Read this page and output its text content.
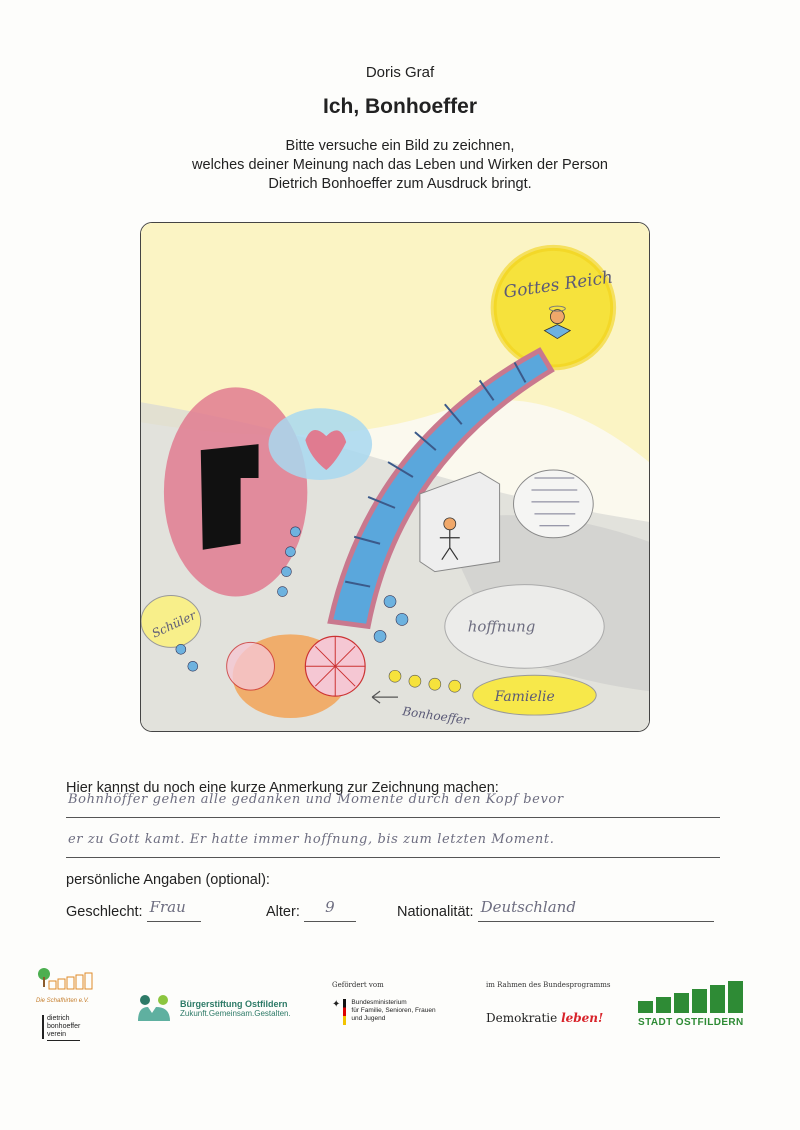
Doris Graf
Ich, Bonhoeffer
Bitte versuche ein Bild zu zeichnen,
welches deiner Meinung nach das Leben und Wirken der Person
Dietrich Bonhoeffer zum Ausdruck bringt.
Gottes Reich
hoffnung
Schüler
Famielie
Bonhoeffer
Hier kannst du noch eine kurze Anmerkung zur Zeichnung machen:
Bohnhöffer gehen alle gedanken und Momente durch den Kopf bevor
er zu Gott kamt. Er hatte immer hoffnung, bis zum letzten Moment.
persönliche Angaben (optional):
Geschlecht: Frau	Alter:	9	Nationalität: Deutschland
Die Schafhirten e.V.
dietrich
bonhoeffer
verein
Bürgerstiftung Ostfildern
Zukunft.Gemeinsam.Gestalten.
Gefördert vom
✦ Bundesministerium
für Familie, Senioren, Frauen
und Jugend
im Rahmen des Bundesprogramms
Demokratie leben!	STADT OSTFILDERN
